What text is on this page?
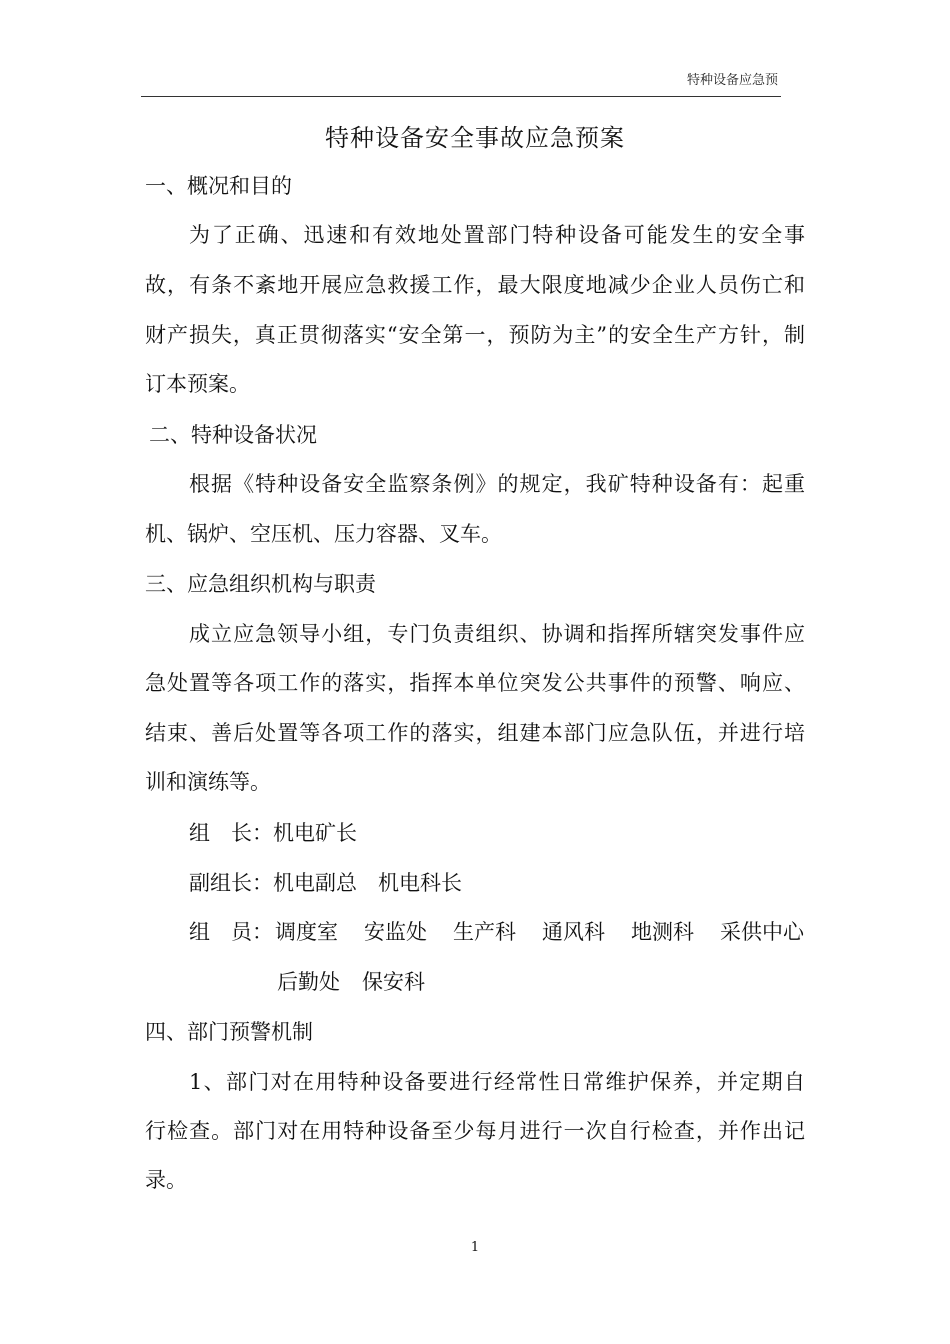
特种设备应急预
特种设备安全事故应急预案
一、概况和目的
为了正确、迅速和有效地处置部门特种设备可能发生的安全事
故，有条不紊地开展应急救援工作，最大限度地减少企业人员伤亡和
财产损失，真正贯彻落实“安全第一，预防为主”的安全生产方针，制
订本预案。
二、特种设备状况
根据《特种设备安全监察条例》的规定，我矿特种设备有：起重
机、锅炉、空压机、压力容器、叉车。
三、应急组织机构与职责
成立应急领导小组，专门负责组织、协调和指挥所辖突发事件应
急处置等各项工作的落实，指挥本单位突发公共事件的预警、响应、
结束、善后处置等各项工作的落实，组建本部门应急队伍，并进行培
训和演练等。
组　长：机电矿长
副组长：机电副总　机电科长
组　员： 调度室 安监处 生产科 通风科 地测科 采供中心
后勤处 保安科
四、部门预警机制
1、部门对在用特种设备要进行经常性日常维护保养，并定期自
行检查。部门对在用特种设备至少每月进行一次自行检查，并作出记
录。
1
